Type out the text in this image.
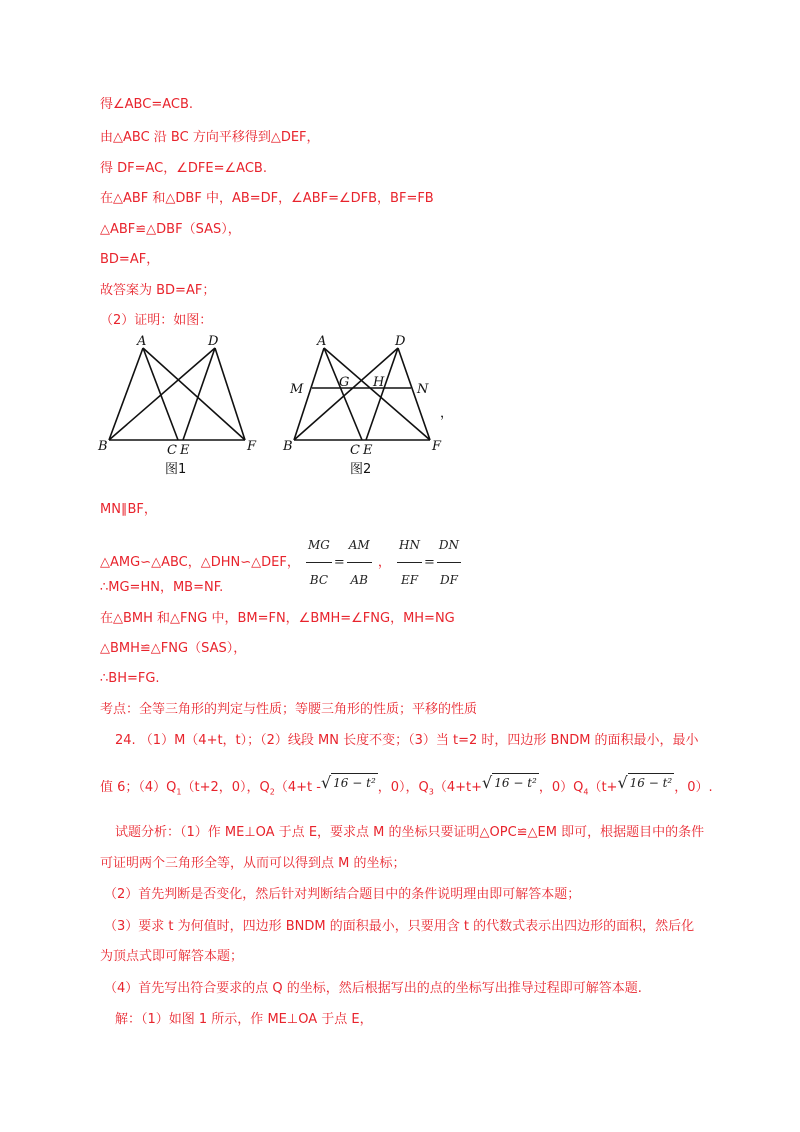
得∠ABC=ACB.
由△ABC 沿 BC 方向平移得到△DEF，
得 DF=AC，∠DFE=∠ACB.
在△ABF 和△DBF 中，AB=DF，∠ABF=∠DFB，BF=FB
△ABF≌△DBF（SAS），
BD=AF，
故答案为 BD=AF；
（2）证明：如图：
A	D
B	C E	F
图1
A	D
M	G H	N
B	C E	F
图2
，
MN∥BF，
△AMG∽△ABC，△DHN∽△DEF， $\frac{MG}{BC} = \frac{AM}{AB}$ ， $\frac{HN}{EF} = \frac{DN}{DF}$
∴MG=HN，MB=NF.
在△BMH 和△FNG 中，BM=FN，∠BMH=∠FNG，MH=NG
△BMH≌△FNG（SAS），
∴BH=FG.
考点：全等三角形的判定与性质；等腰三角形的性质；平移的性质
24. （1）M（4+t，t）；（2）线段 MN 长度不变；（3）当 t=2 时，四边形 BNDM 的面积最小，最小
值 6；$(4)Q_1(t+2$，0），$Q_2(4+t$ -√ 16 − t² ，0），$Q_3(4+t+√$ 16 − t² ，$0)Q_4(t+√$ 16 − t² ，0）.
试题分析：（1）作 ME⊥OA 于点 E，要求点 M 的坐标只要证明△OPC≌△EM 即可，根据题目中的条件
可证明两个三角形全等，从而可以得到点 M 的坐标；
（2）首先判断是否变化，然后针对判断结合题目中的条件说明理由即可解答本题；
（3）要求 t 为何值时，四边形 BNDM 的面积最小，只要用含 t 的代数式表示出四边形的面积，然后化
为顶点式即可解答本题；
（4）首先写出符合要求的点 Q 的坐标，然后根据写出的点的坐标写出推导过程即可解答本题.
解：（1）如图 1 所示，作 ME⊥OA 于点 E，
